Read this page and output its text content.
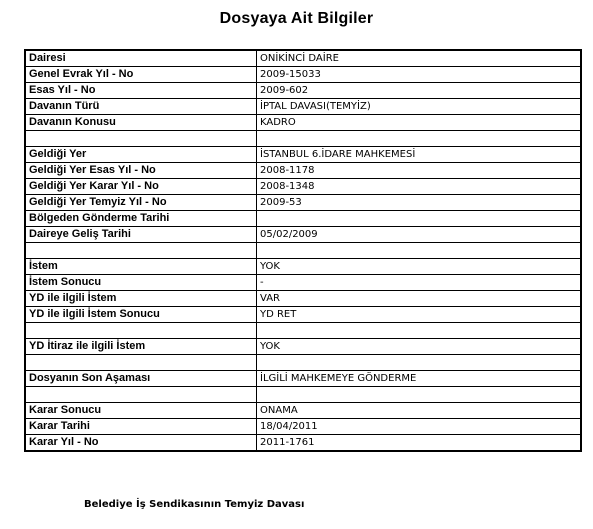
Dosyaya Ait Bilgiler
Dairesi	ONİKİNCİ DAİRE
Genel Evrak Yıl - No	2009-15033
Esas Yıl - No	2009-602
Davanın Türü	İPTAL DAVASI(TEMYİZ)
Davanın Konusu	KADRO

Geldiği Yer	İSTANBUL 6.İDARE MAHKEMESİ
Geldiği Yer Esas Yıl - No	2008-1178
Geldiği Yer Karar Yıl - No	2008-1348
Geldiği Yer Temyiz Yıl - No	2009-53
Bölgeden Gönderme Tarihi	
Daireye Geliş Tarihi	05/02/2009

İstem	YOK
İstem Sonucu	-
YD ile ilgili İstem	VAR
YD ile ilgili İstem Sonucu	YD RET

YD İtiraz ile ilgili İstem	YOK

Dosyanın Son Aşaması	İLGİLİ MAHKEMEYE GÖNDERME

Karar Sonucu	ONAMA
Karar Tarihi	18/04/2011
Karar Yıl - No	2011-1761
Belediye İş Sendikasının Temyiz Davası
